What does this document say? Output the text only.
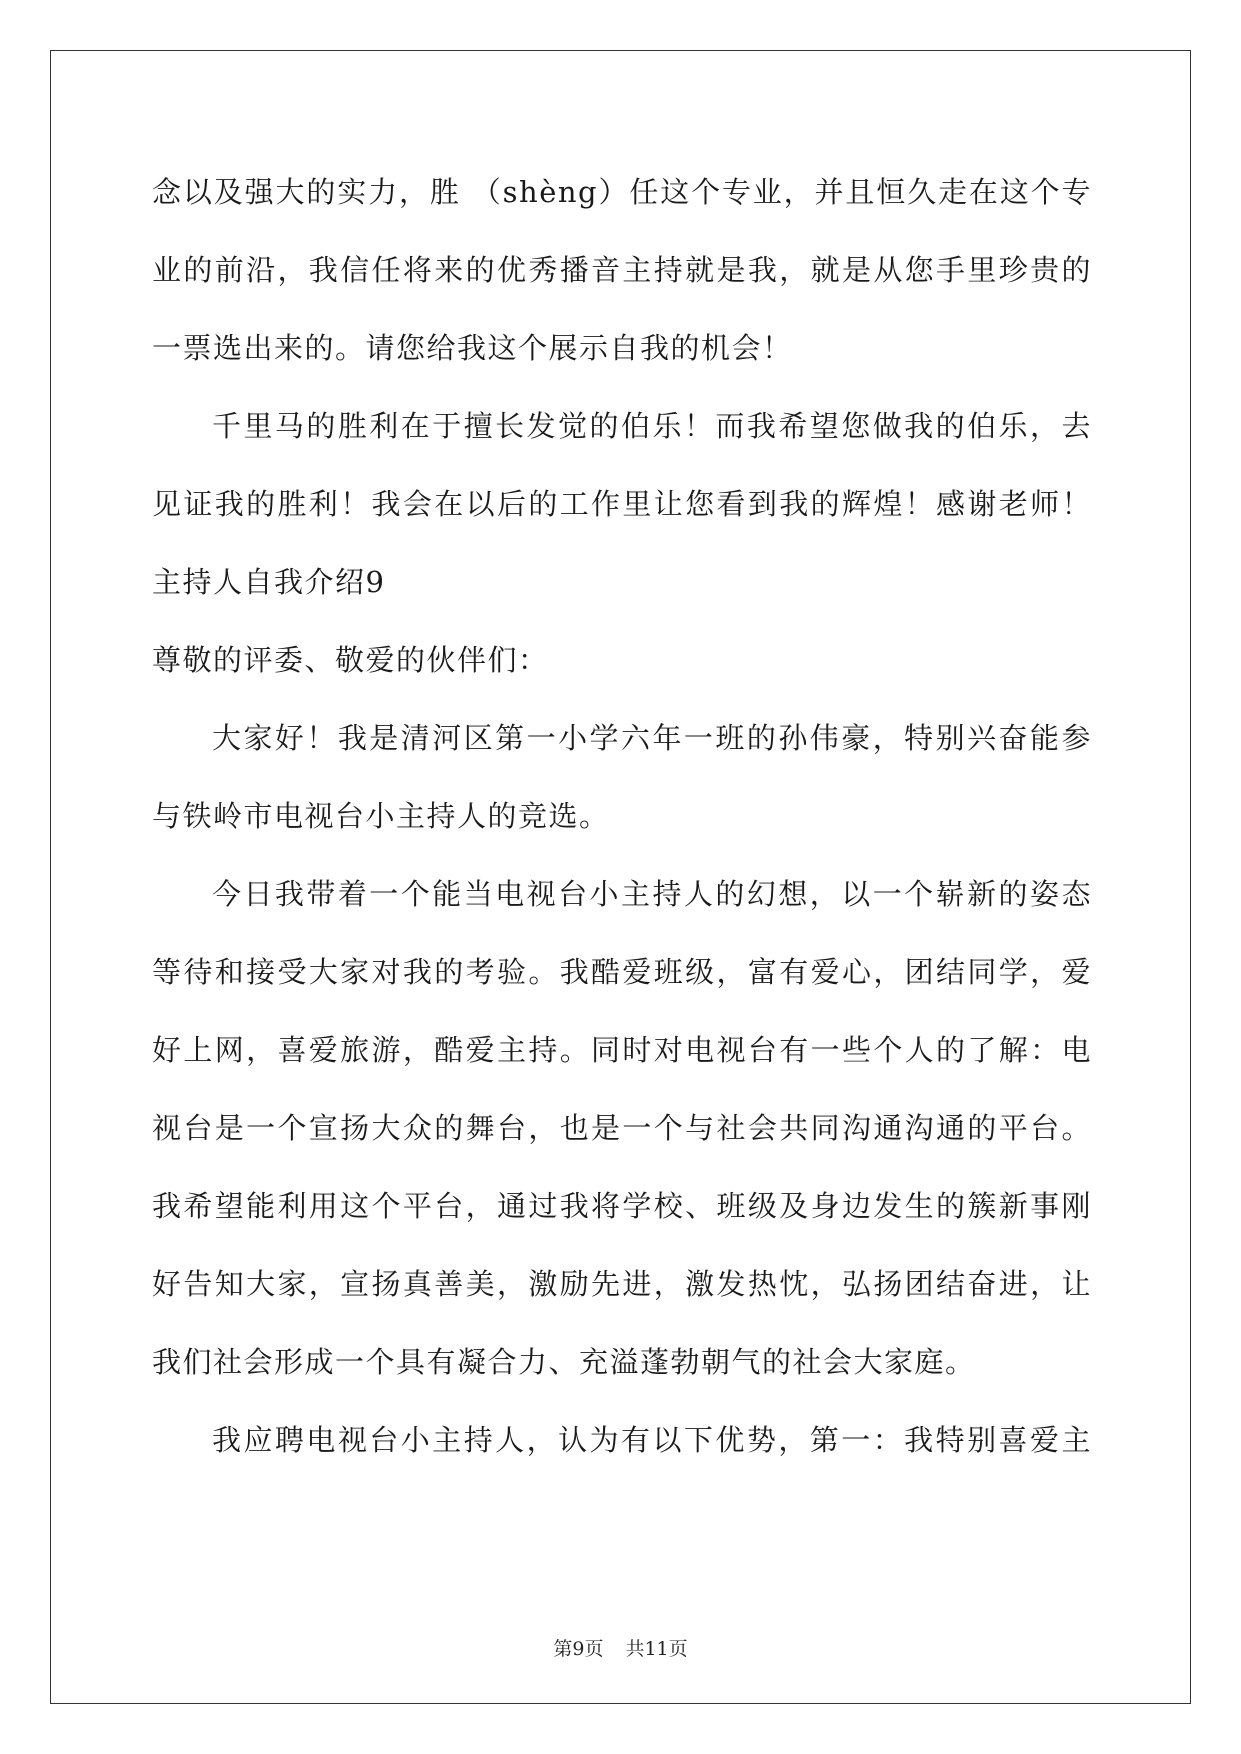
念以及强大的实力，胜 （shèng）任这个专业，并且恒久走在这个专
业的前沿，我信任将来的优秀播音主持就是我，就是从您手里珍贵的
一票选出来的。请您给我这个展示自我的机会！
千里马的胜利在于擅长发觉的伯乐！而我希望您做我的伯乐，去
见证我的胜利！我会在以后的工作里让您看到我的辉煌！感谢老师！
主持人自我介绍9
尊敬的评委、敬爱的伙伴们：
大家好！我是清河区第一小学六年一班的孙伟豪，特别兴奋能参
与铁岭市电视台小主持人的竞选。
今日我带着一个能当电视台小主持人的幻想，以一个崭新的姿态
等待和接受大家对我的考验。我酷爱班级，富有爱心，团结同学，爱
好上网，喜爱旅游，酷爱主持。同时对电视台有一些个人的了解：电
视台是一个宣扬大众的舞台，也是一个与社会共同沟通沟通的平台。
我希望能利用这个平台，通过我将学校、班级及身边发生的簇新事刚
好告知大家，宣扬真善美，激励先进，激发热忱，弘扬团结奋进，让
我们社会形成一个具有凝合力、充溢蓬勃朝气的社会大家庭。
我应聘电视台小主持人，认为有以下优势，第一：我特别喜爱主
第9页 共11页
